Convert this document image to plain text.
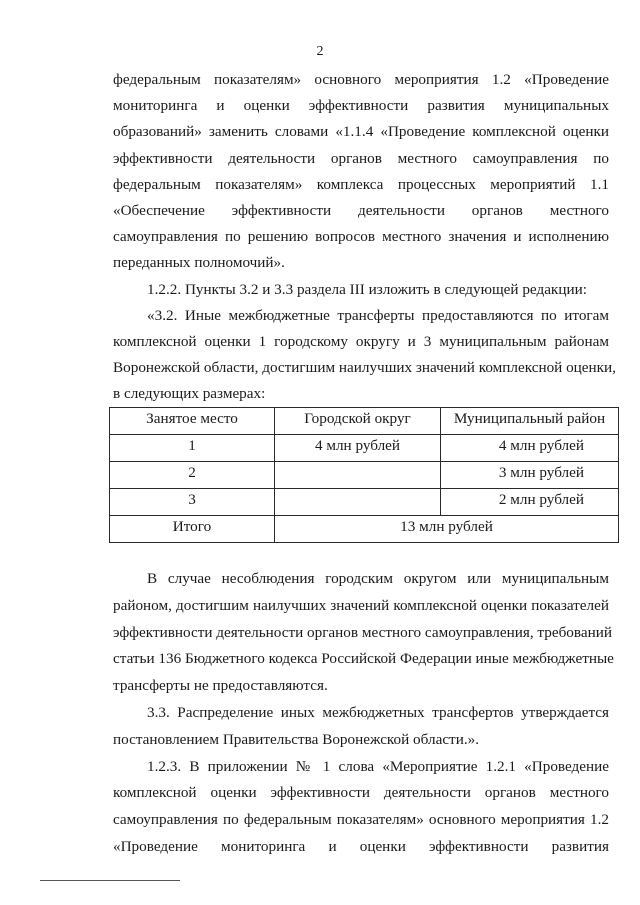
2
федеральным показателям» основного мероприятия 1.2 «Проведение
мониторинга и оценки эффективности развития муниципальных
образований» заменить словами «1.1.4 «Проведение комплексной оценки
эффективности деятельности органов местного самоуправления по
федеральным показателям» комплекса процессных мероприятий 1.1
«Обеспечение эффективности деятельности органов местного
самоуправления по решению вопросов местного значения и исполнению
переданных полномочий».
1.2.2. Пункты 3.2 и 3.3 раздела III изложить в следующей редакции:
«3.2. Иные межбюджетные трансферты предоставляются по итогам
комплексной оценки 1 городскому округу и 3 муниципальным районам
Воронежской области, достигшим наилучших значений комплексной оценки,
в следующих размерах:
Занятое место	Городской округ	Муниципальный район
1	4 млн рублей	4 млн рублей
2		3 млн рублей
3		2 млн рублей
Итого	13 млн рублей	
В случае несоблюдения городским округом или муниципальным
районом, достигшим наилучших значений комплексной оценки показателей
эффективности деятельности органов местного самоуправления, требований
статьи 136 Бюджетного кодекса Российской Федерации иные межбюджетные
трансферты не предоставляются.
3.3. Распределение иных межбюджетных трансфертов утверждается
постановлением Правительства Воронежской области.».
1.2.3. В приложении № 1 слова «Мероприятие 1.2.1 «Проведение
комплексной оценки эффективности деятельности органов местного
самоуправления по федеральным показателям» основного мероприятия 1.2
«Проведение мониторинга и оценки эффективности развития
